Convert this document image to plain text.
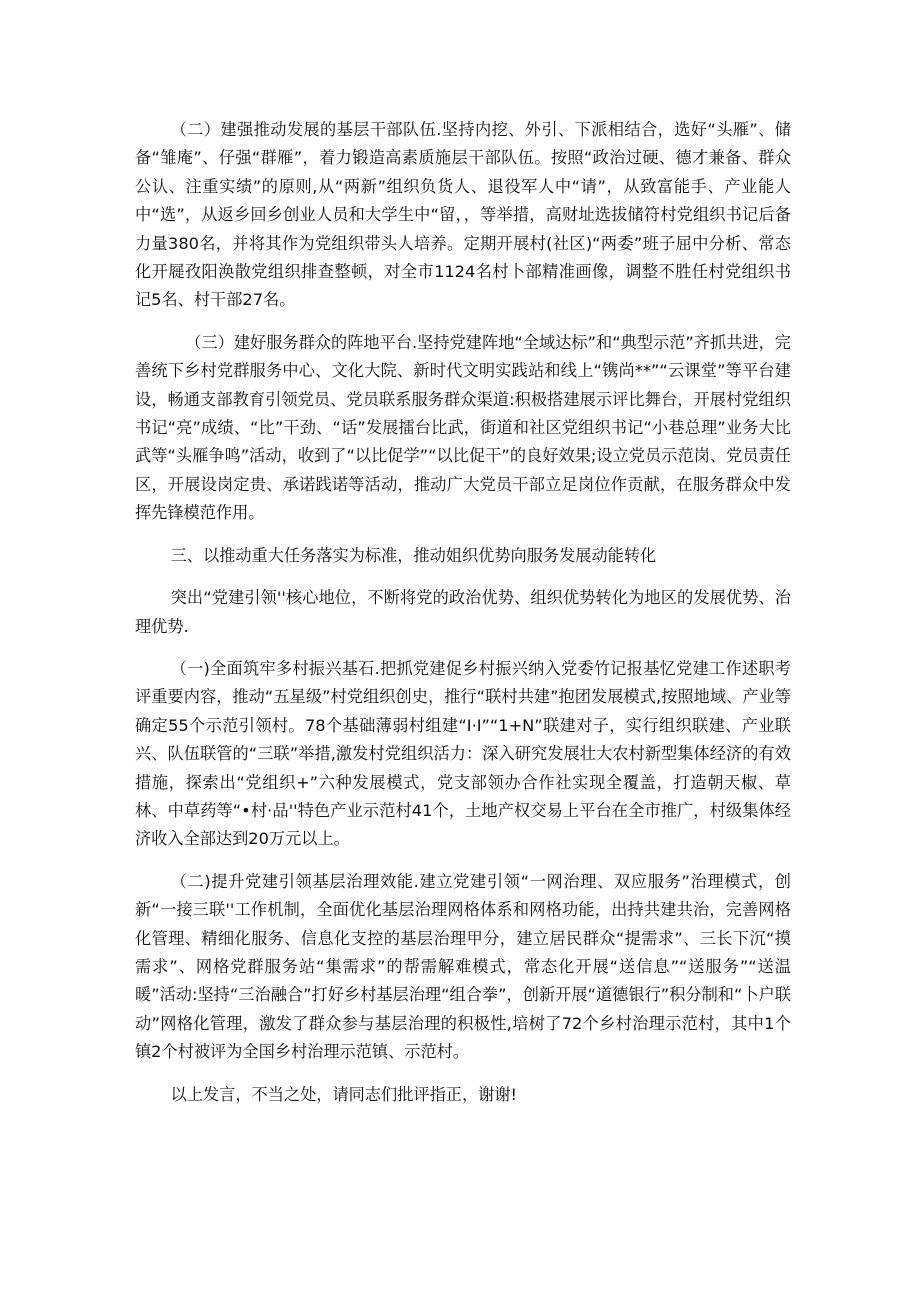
（二）建强推动发展的基层干部队伍.坚持内挖、外引、下派相结合，选好“头雁”、储备“雏庵”、仔强“群雁”，着力锻造高素质施层干部队伍。按照“政治过硬、德才兼备、群众公认、注重实绩”的原则,从“两新”组织负货人、退役军人中“请”，从致富能手、产业能人中“选”，从返乡回乡创业人员和大学生中“留，，等举措，高财址选拔储符村党组织书记后备力量380名，并将其作为党组织带头人培养。定期开展村(社区)“两委”班子屈中分析、常态化开屣孜阳涣散党组织排查整顿，对全市1124名村卜部精准画像，调整不胜任村党组织书记5名、村干部27名。

（三）建好服务群众的阵地平台.坚持党建阵地“全域达标”和“典型示范”齐抓共进，完善统下乡村党群服务中心、文化大院、新时代文明实践站和线上“镌尚**”“云课堂”等平台建设，畅通支部教育引领党员、党员联系服务群众渠道:积极搭建展示评比舞台，开展村党组织书记“亮”成绩、“比”干劲、“话”发展擂台比武，街道和社区党组织书记“小巷总理”业务大比武等“头雁争鸣”活动，收到了“以比促学”“以比促干”的良好效果;设立党员示范岗、党员责任区，开展设岗定贵、承诺践诺等活动，推动广大党员干部立足岗位作贡献，在服务群众中发挥先锋模范作用。

三、以推动重大任务落实为标准，推动姐织优势向服务发展动能转化

突出“党建引领''核心地位，不断将党的政治优势、组织优势转化为地区的发展优势、治理优势.

（一)全面筑牢多村振兴基石.把抓党建促乡村振兴纳入党委竹记报基忆党建工作述职考评重要内容，推动“五星级”村党组织创史，推行“联村共建”抱团发展模式,按照地域、产业等确定55个示范引领村。78个基础薄弱村组建“I·I”“1+N”联建对子，实行组织联建、产业联兴、队伍联管的“三联”举措,激发村党组织活力：深入研究发展壮大农村新型集体经济的有效措施，探索出“党组织+”六种发展模式，党支部领办合作社实现全覆盖，打造朝天椒、草林、中草药等“•村·品''特色产业示范村41个，土地产权交易上平台在全市推广，村级集体经济收入全部达到20万元以上。

（二)提升党建引领基层治理效能.建立党建引领“一网治理、双应服务”治理模式，创新“一接三联''工作机制，全面优化基层治理网格体系和网格功能，出持共建共治，完善网格化管理、精细化服务、信息化支控的基层治理甲分，建立居民群众“提需求”、三长下沉“摸需求”、网格党群服务站“集需求”的帮需解难模式，常态化开展“送信息”“送服务”“送温暖”活动:坚持“三治融合”打好乡村基层治理“组合拳”，创新开展“道德银行”积分制和“卜户联动”网格化管理，激发了群众参与基层治理的积极性,培树了72个乡村治理示范村，其中1个镇2个村被评为全国乡村治理示范镇、示范村。

以上发言，不当之处，请同志们批评指正，谢谢!
